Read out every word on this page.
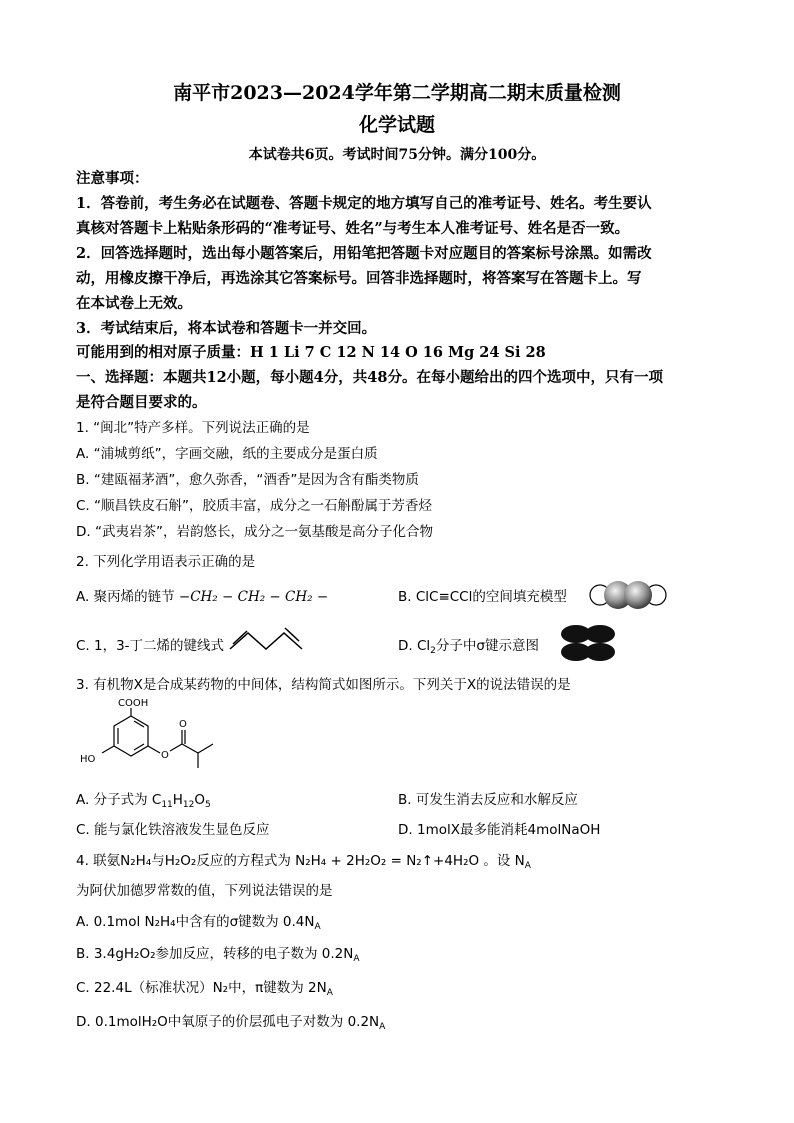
南平市2023—2024学年第二学期高二期末质量检测
化学试题
本试卷共6页。考试时间75分钟。满分100分。
注意事项：
1．答卷前，考生务必在试题卷、答题卡规定的地方填写自己的准考证号、姓名。考生要认
真核对答题卡上粘贴条形码的“准考证号、姓名”与考生本人准考证号、姓名是否一致。
2．回答选择题时，选出每小题答案后，用铅笔把答题卡对应题目的答案标号涂黑。如需改
动，用橡皮擦干净后，再选涂其它答案标号。回答非选择题时，将答案写在答题卡上。写
在本试卷上无效。
3．考试结束后，将本试卷和答题卡一并交回。
可能用到的相对原子质量：H 1 Li 7 C 12 N 14 O 16 Mg 24 Si 28
一、选择题：本题共12小题，每小题4分，共48分。在每小题给出的四个选项中，只有一项
是符合题目要求的。
1. “闽北”特产多样。下列说法正确的是
A. “浦城剪纸”，字画交融，纸的主要成分是蛋白质
B. “建瓯福茅酒”，愈久弥香，“酒香”是因为含有酯类物质
C. “顺昌铁皮石斛”，胶质丰富，成分之一石斛酚属于芳香烃
D. “武夷岩茶”，岩韵悠长，成分之一氨基酸是高分子化合物
2. 下列化学用语表示正确的是
A. 聚丙烯的链节 −CH₂ − CH₂ − CH₂ −	B. ClC≡CCl的空间填充模型
C. 1，3-丁二烯的键线式	D. $Cl_2$分子中σ键示意图
3. 有机物X是合成某药物的中间体，结构简式如图所示。下列关于X的说法错误的是
COOH
HO	O
O
A. 分子式为 $C_{11}H_{12}O_5$	B. 可发生消去反应和水解反应
C. 能与氯化铁溶液发生显色反应	D. 1molX最多能消耗4molNaOH
4. 联氨N₂H₄与H₂O₂反应的方程式为 N₂H₄ + 2H₂O₂ = N₂↑+4H₂O 。设 $N_A$
为阿伏加德罗常数的值，下列说法错误的是
A. 0.1mol N₂H₄中含有的σ键数为 $0.4N_A$
B. 3.4gH₂O₂参加反应，转移的电子数为 $0.2N_A$
C. 22.4L（标准状况）N₂中，π键数为 $2N_A$
D. 0.1molH₂O中氧原子的价层孤电子对数为 $0.2N_A$
